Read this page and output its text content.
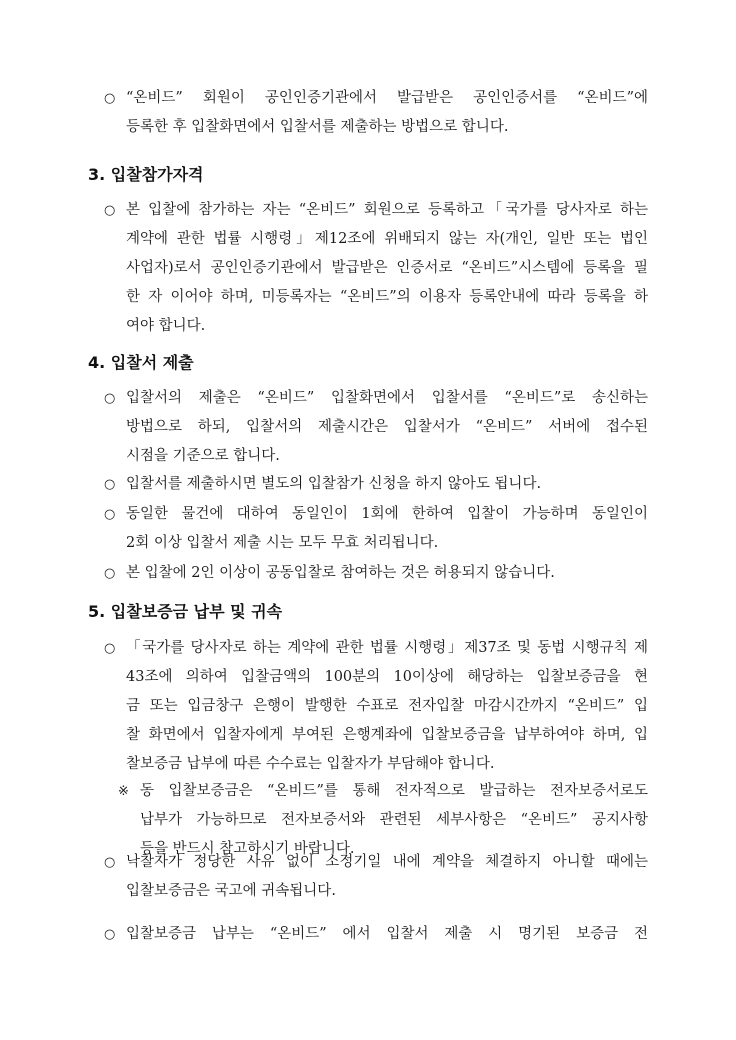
○ “온비드” 회원이 공인인증기관에서 발급받은 공인인증서를 “온비드”에
등록한 후 입찰화면에서 입찰서를 제출하는 방법으로 합니다.
3. 입찰참가자격
○ 본 입찰에 참가하는 자는 “온비드” 회원으로 등록하고「국가를 당사자로 하는
계약에 관한 법률 시행령」제12조에 위배되지 않는 자(개인, 일반 또는 법인
사업자)로서 공인인증기관에서 발급받은 인증서로 “온비드”시스템에 등록을 필
한 자 이어야 하며, 미등록자는 “온비드”의 이용자 등록안내에 따라 등록을 하
여야 합니다.
4. 입찰서 제출
○ 입찰서의 제출은 “온비드” 입찰화면에서 입찰서를 “온비드”로 송신하는
방법으로 하되, 입찰서의 제출시간은 입찰서가 “온비드” 서버에 접수된
시점을 기준으로 합니다.
○ 입찰서를 제출하시면 별도의 입찰참가 신청을 하지 않아도 됩니다.
○ 동일한 물건에 대하여 동일인이 1회에 한하여 입찰이 가능하며 동일인이
2회 이상 입찰서 제출 시는 모두 무효 처리됩니다.
○ 본 입찰에 2인 이상이 공동입찰로 참여하는 것은 허용되지 않습니다.
5. 입찰보증금 납부 및 귀속
○ 「국가를 당사자로 하는 계약에 관한 법률 시행령」제37조 및 동법 시행규칙 제
43조에 의하여 입찰금액의 100분의 10이상에 해당하는 입찰보증금을 현
금 또는 입금창구 은행이 발행한 수표로 전자입찰 마감시간까지 “온비드” 입
찰 화면에서 입찰자에게 부여된 은행계좌에 입찰보증금을 납부하여야 하며, 입
찰보증금 납부에 따른 수수료는 입찰자가 부담해야 합니다.
※ 동 입찰보증금은 “온비드”를 통해 전자적으로 발급하는 전자보증서로도
납부가 가능하므로 전자보증서와 관련된 세부사항은 “온비드” 공지사항
등을 반드시 참고하시기 바랍니다.
○ 낙찰자가 정당한 사유 없이 소정기일 내에 계약을 체결하지 아니할 때에는
입찰보증금은 국고에 귀속됩니다.
○ 입찰보증금 납부는 “온비드” 에서 입찰서 제출 시 명기된 보증금 전
